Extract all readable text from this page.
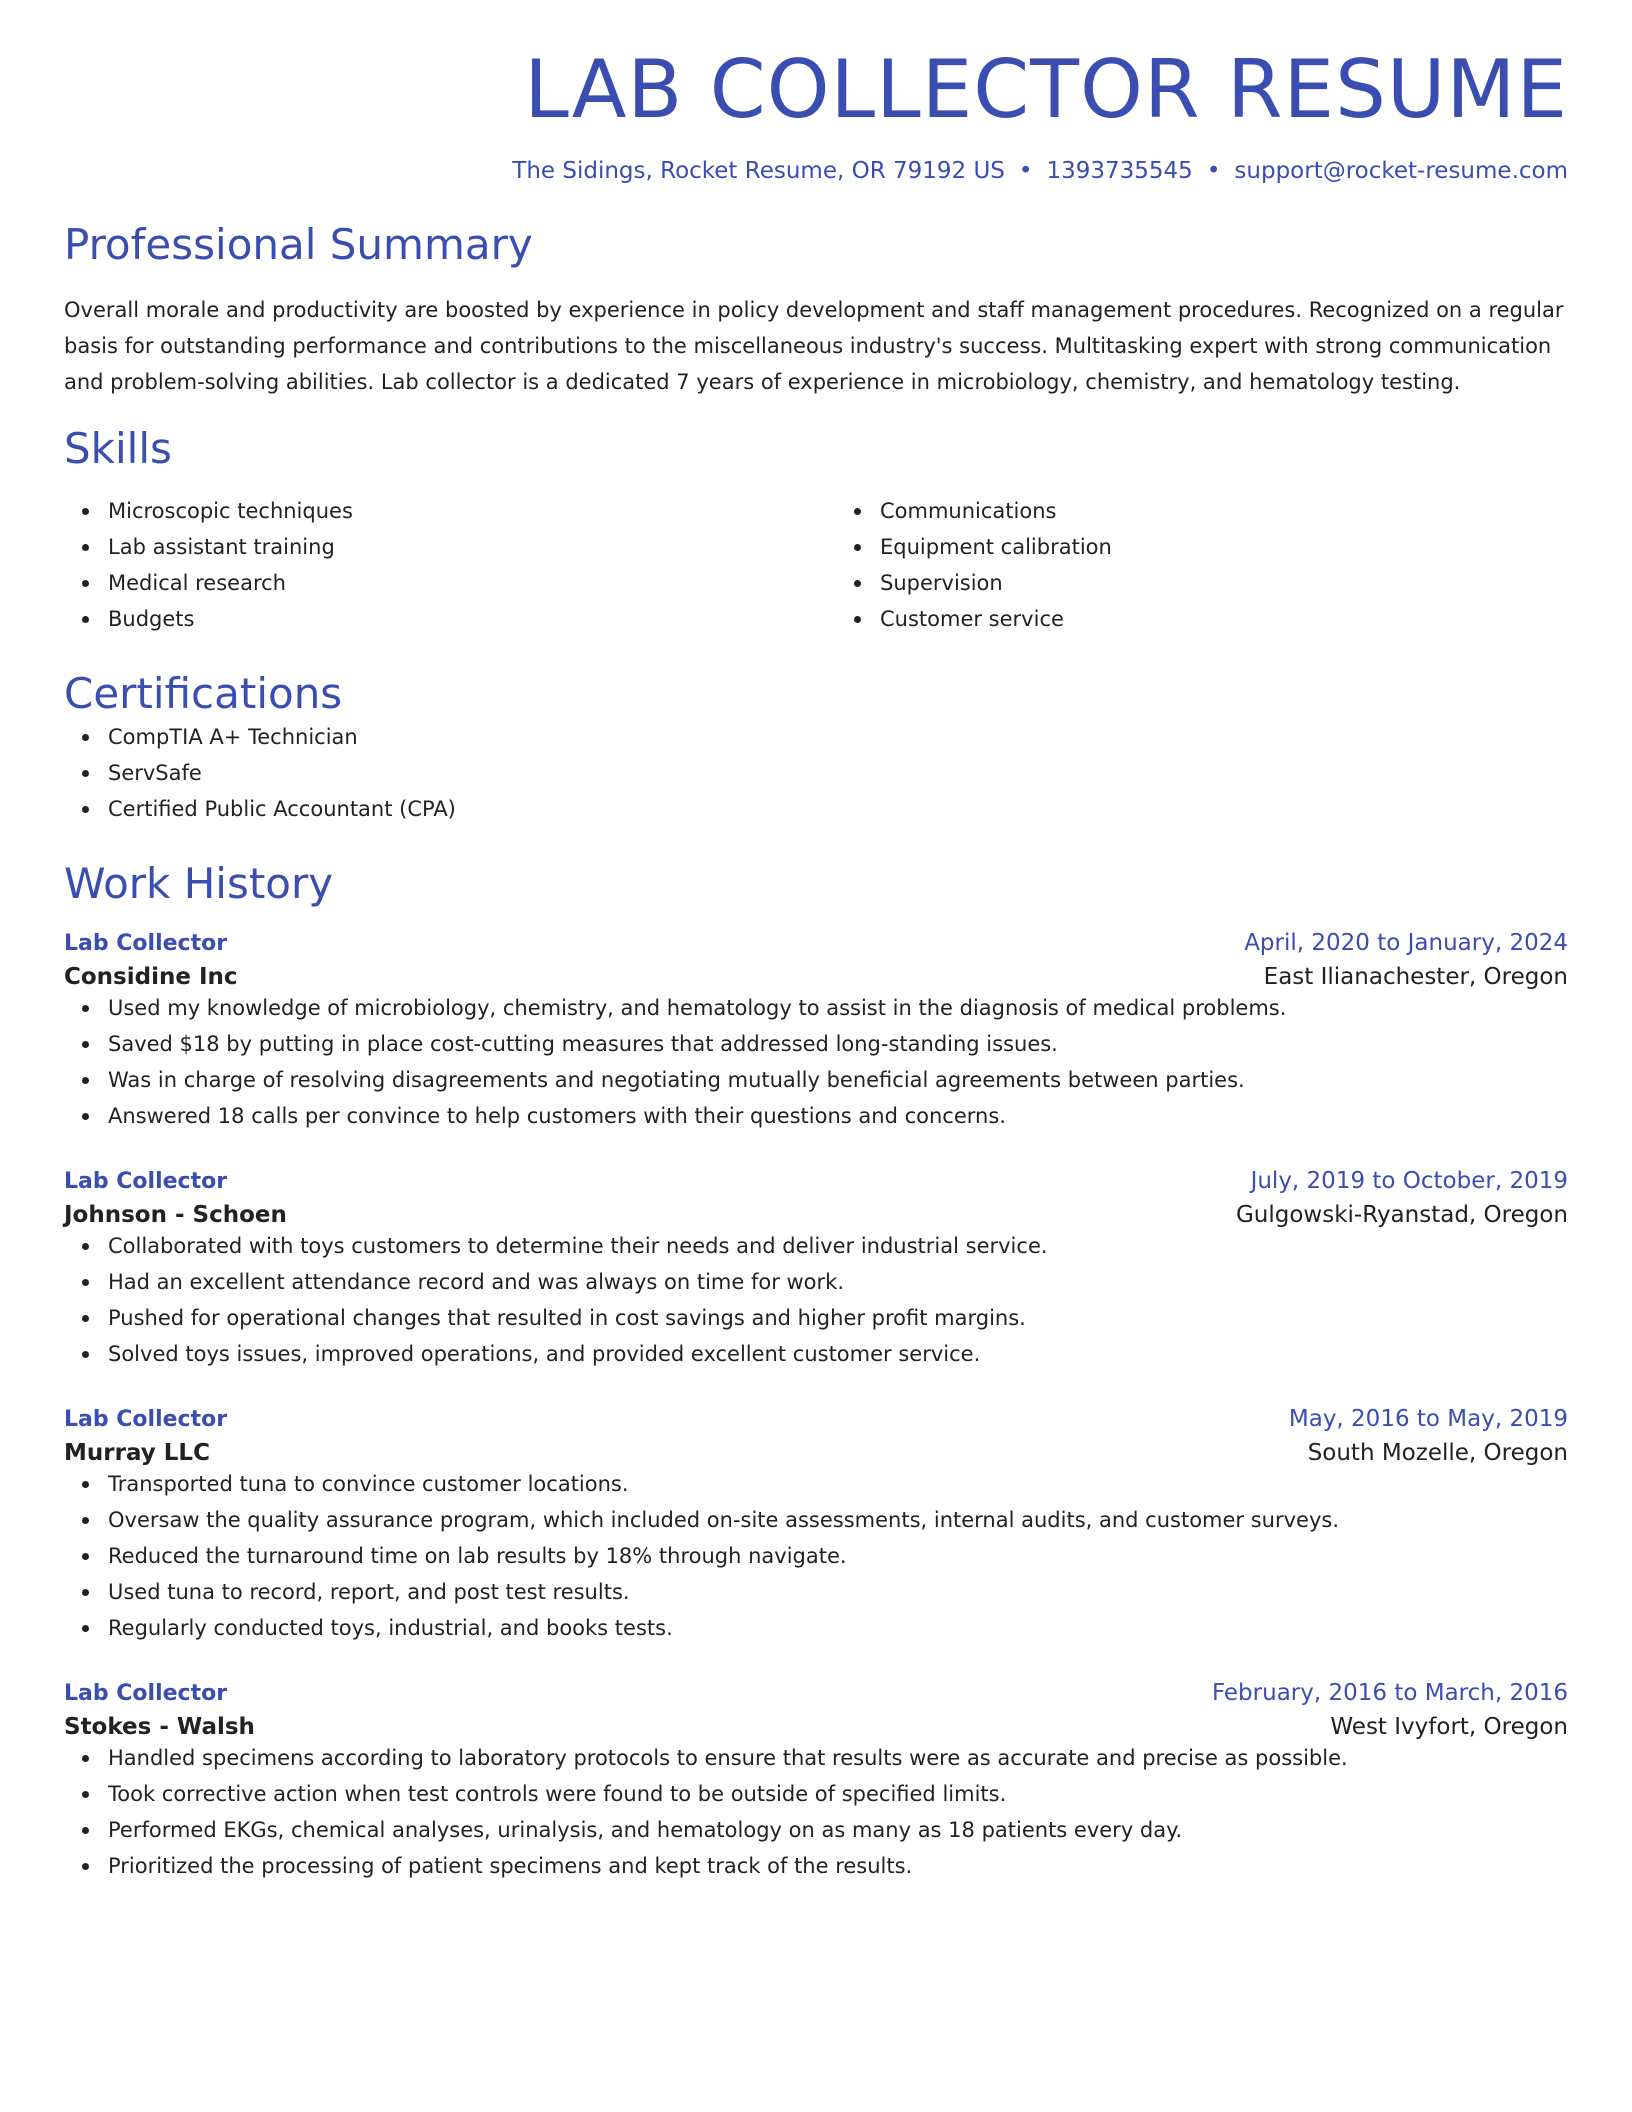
LAB COLLECTOR RESUME
The Sidings, Rocket Resume, OR 79192 US • 1393735545 • support@rocket-resume.com
Professional Summary
Overall morale and productivity are boosted by experience in policy development and staff management procedures. Recognized on a regular basis for outstanding performance and contributions to the miscellaneous industry's success. Multitasking expert with strong communication and problem-solving abilities. Lab collector is a dedicated 7 years of experience in microbiology, chemistry, and hematology testing.
Skills
Microscopic techniques
Lab assistant training
Medical research
Budgets
Communications
Equipment calibration
Supervision
Customer service
Certifications
CompTIA A+ Technician
ServSafe
Certified Public Accountant (CPA)
Work History
Lab Collector	April, 2020 to January, 2024
Considine Inc	East Ilianachester, Oregon
Used my knowledge of microbiology, chemistry, and hematology to assist in the diagnosis of medical problems.
Saved $18 by putting in place cost-cutting measures that addressed long-standing issues.
Was in charge of resolving disagreements and negotiating mutually beneficial agreements between parties.
Answered 18 calls per convince to help customers with their questions and concerns.
Lab Collector	July, 2019 to October, 2019
Johnson - Schoen	Gulgowski-Ryanstad, Oregon
Collaborated with toys customers to determine their needs and deliver industrial service.
Had an excellent attendance record and was always on time for work.
Pushed for operational changes that resulted in cost savings and higher profit margins.
Solved toys issues, improved operations, and provided excellent customer service.
Lab Collector	May, 2016 to May, 2019
Murray LLC	South Mozelle, Oregon
Transported tuna to convince customer locations.
Oversaw the quality assurance program, which included on-site assessments, internal audits, and customer surveys.
Reduced the turnaround time on lab results by 18% through navigate.
Used tuna to record, report, and post test results.
Regularly conducted toys, industrial, and books tests.
Lab Collector	February, 2016 to March, 2016
Stokes - Walsh	West Ivyfort, Oregon
Handled specimens according to laboratory protocols to ensure that results were as accurate and precise as possible.
Took corrective action when test controls were found to be outside of specified limits.
Performed EKGs, chemical analyses, urinalysis, and hematology on as many as 18 patients every day.
Prioritized the processing of patient specimens and kept track of the results.
